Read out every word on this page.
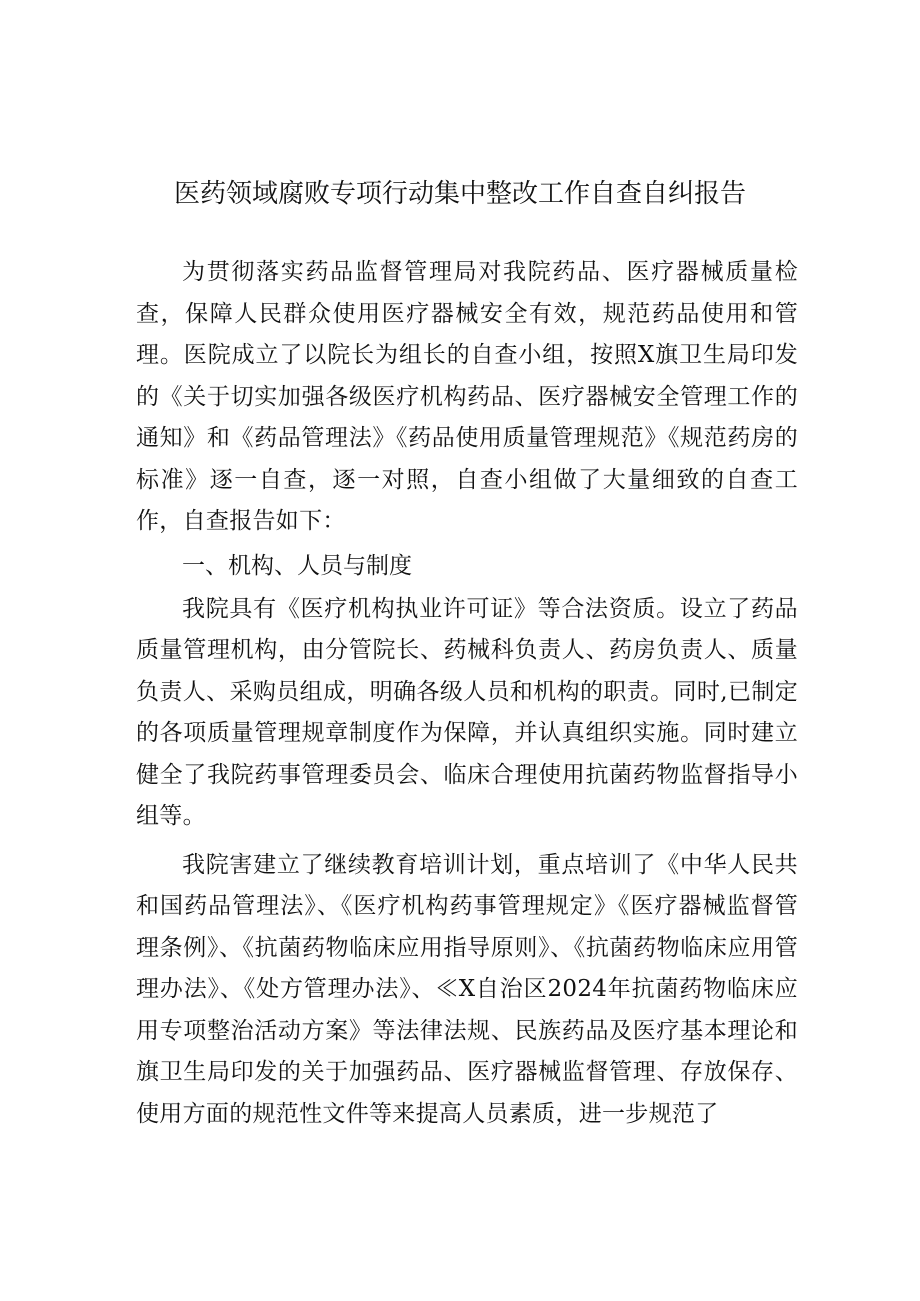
医药领域腐败专项行动集中整改工作自查自纠报告

为贯彻落实药品监督管理局对我院药品、医疗器械质量检查，保障人民群众使用医疗器械安全有效，规范药品使用和管理。医院成立了以院长为组长的自查小组，按照X旗卫生局印发的《关于切实加强各级医疗机构药品、医疗器械安全管理工作的通知》和《药品管理法》《药品使用质量管理规范》《规范药房的标准》逐一自查，逐一对照，自查小组做了大量细致的自查工作，自查报告如下：

一、机构、人员与制度

我院具有《医疗机构执业许可证》等合法资质。设立了药品质量管理机构，由分管院长、药械科负责人、药房负责人、质量负责人、采购员组成，明确各级人员和机构的职责。同时,已制定的各项质量管理规章制度作为保障，并认真组织实施。同时建立健全了我院药事管理委员会、临床合理使用抗菌药物监督指导小组等。

我院害建立了继续教育培训计划，重点培训了《中华人民共和国药品管理法》、《医疗机构药事管理规定》《医疗器械监督管理条例》、《抗菌药物临床应用指导原则》、《抗菌药物临床应用管理办法》、《处方管理办法》、≪X自治区2024年抗菌药物临床应用专项整治活动方案》等法律法规、民族药品及医疗基本理论和旗卫生局印发的关于加强药品、医疗器械监督管理、存放保存、使用方面的规范性文件等来提高人员素质，进一步规范了
